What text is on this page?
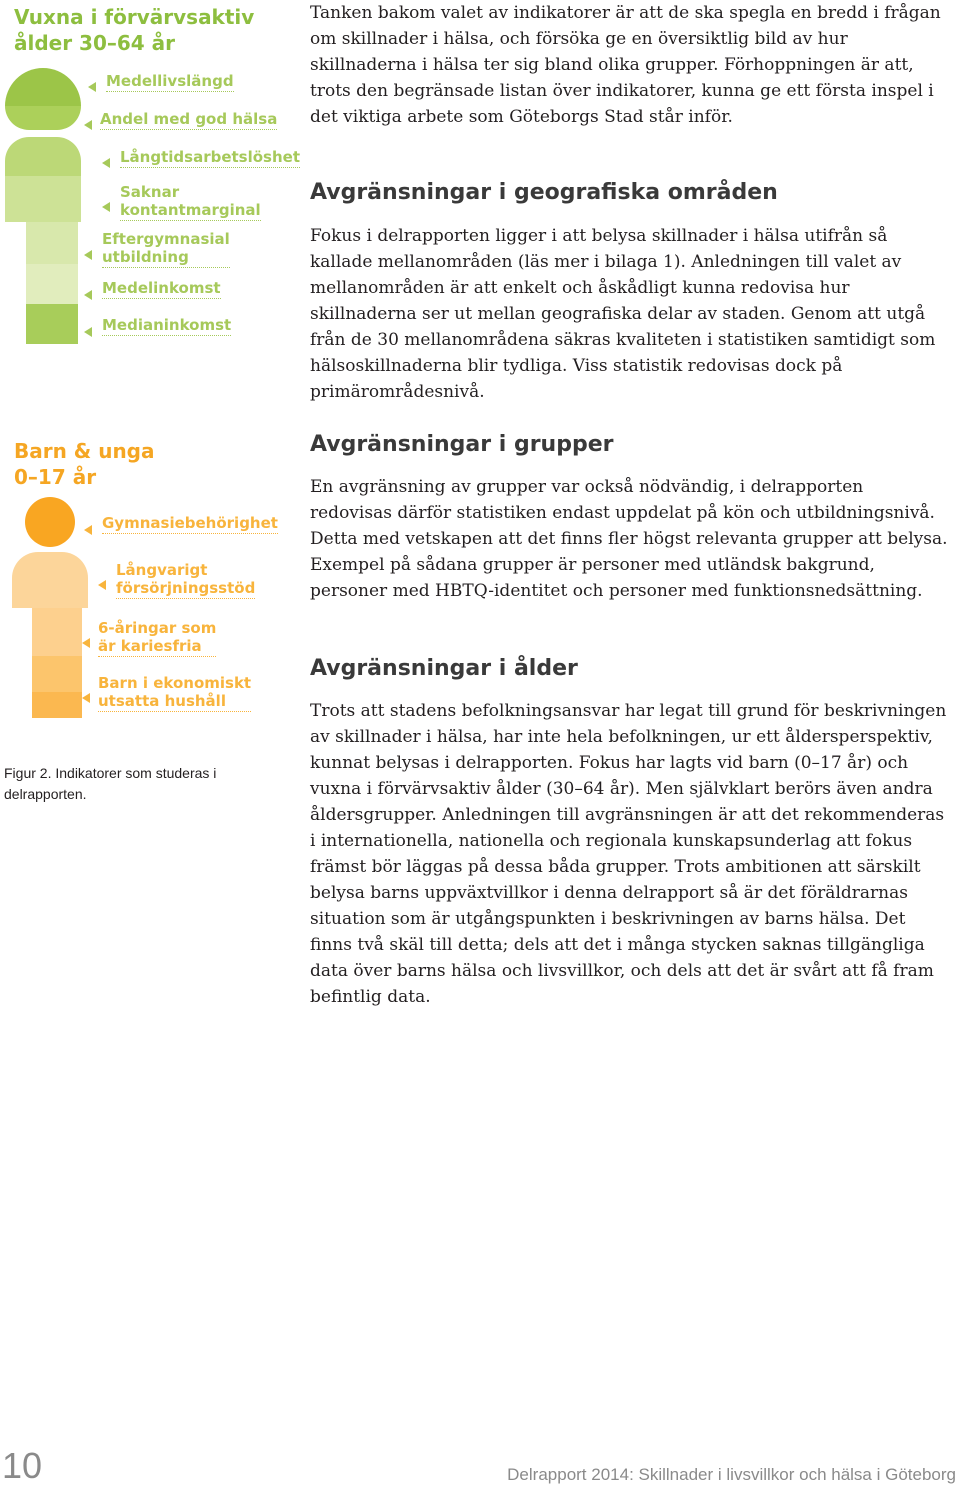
Vuxna i förvärvsaktiv
ålder 30–64 år
Medellivslängd
Andel med god hälsa
Långtidsarbetslöshet
Saknar
kontantmarginal
Eftergymnasial
utbildning
Medelinkomst
Medianinkomst
Barn & unga
0–17 år
Gymnasiebehörighet
Långvarigt
försörjningsstöd
6-åringar som
är kariesfria
Barn i ekonomiskt
utsatta hushåll

Figur 2. Indikatorer som studeras i delrapporten.

Tanken bakom valet av indikatorer är att de ska spegla en bredd i frågan om skillnader i hälsa, och försöka ge en översiktlig bild av hur skillnaderna i hälsa ter sig bland olika grupper. Förhoppningen är att, trots den begränsade listan över indikatorer, kunna ge ett första inspel i det viktiga arbete som Göteborgs Stad står inför.

Avgränsningar i geografiska områden

Fokus i delrapporten ligger i att belysa skillnader i hälsa utifrån så kallade mellanområden (läs mer i bilaga 1). Anledningen till valet av mellanområden är att enkelt och åskådligt kunna redovisa hur skillnaderna ser ut mellan geografiska delar av staden. Genom att utgå från de 30 mellanområdena säkras kvaliteten i statistiken samtidigt som hälsoskillnaderna blir tydliga. Viss statistik redovisas dock på primärområdesnivå.

Avgränsningar i grupper

En avgränsning av grupper var också nödvändig, i delrapporten redovisas därför statistiken endast uppdelat på kön och utbildningsnivå. Detta med vetskapen att det finns fler högst relevanta grupper att belysa. Exempel på sådana grupper är personer med utländsk bakgrund, personer med HBTQ-identitet och personer med funktionsnedsättning.

Avgränsningar i ålder

Trots att stadens befolkningsansvar har legat till grund för beskrivningen av skillnader i hälsa, har inte hela befolkningen, ur ett åldersperspektiv, kunnat belysas i delrapporten. Fokus har lagts vid barn (0–17 år) och vuxna i förvärvsaktiv ålder (30–64 år). Men självklart berörs även andra åldersgrupper. Anledningen till avgränsningen är att det rekommenderas i internationella, nationella och regionala kunskapsunderlag att fokus främst bör läggas på dessa båda grupper. Trots ambitionen att särskilt belysa barns uppväxtvillkor i denna delrapport så är det föräldrarnas situation som är utgångspunkten i beskrivningen av barns hälsa. Det finns två skäl till detta; dels att det i många stycken saknas tillgängliga data över barns hälsa och livsvillkor, och dels att det är svårt att få fram befintlig data.

10	Delrapport 2014: Skillnader i livsvillkor och hälsa i Göteborg
